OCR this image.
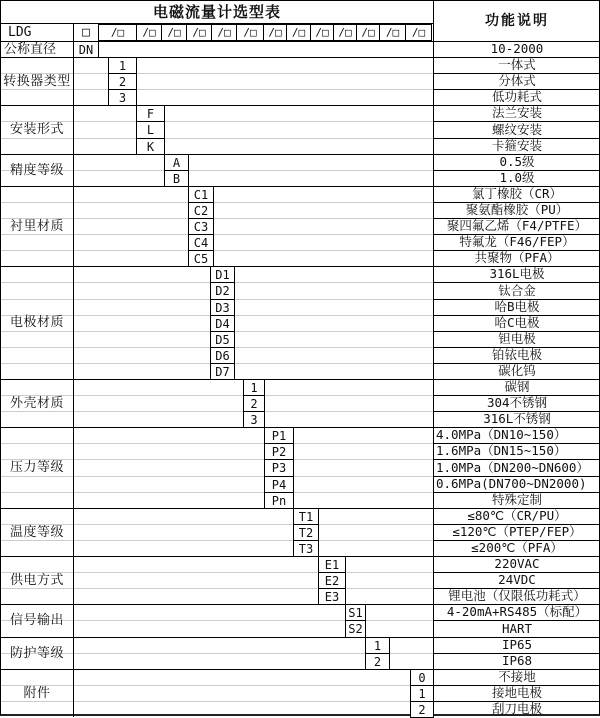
电磁流量计选型表
功能说明
LDG	□	/□	/□	/□	/□	/□	/□	/□ /□ /□ /□ /□	/□	/□
公称直径	DN	10-2000
转换器类型
1	一体式
2	分体式
3	低功耗式
安装形式
F	法兰安装
L	螺纹安装
K	卡箍安装
精度等级	A	0.5级
B	1.0级
衬里材质
C1	氯丁橡胶（CR）
C2	聚氨酯橡胶（PU）
C3	聚四氟乙烯（F4/PTFE）
C4	特氟龙（F46/FEP）
C5	共聚物（PFA）
电极材质
D1	316L电极
D2	钛合金
D3	哈B电极
D4	哈C电极
D5	钽电极
D6	铂铱电极
D7	碳化钨
外壳材质
1	碳钢
2	304不锈钢
3	316L不锈钢
压力等级
P1	4.0MPa（DN10~150）
P2	1.6MPa（DN15~150）
P3	1.0MPa（DN200~DN600）
P4	0.6MPa(DN700~DN2000)
Pn	特殊定制
温度等级
T1	≤80℃（CR/PU）
T2	≤120℃（PTEP/FEP）
T3	≤200℃（PFA）
供电方式
E1	220VAC
E2	24VDC
E3	锂电池（仅限低功耗式）
信号输出
S1	4-20mA+RS485（标配）
S2	HART
防护等级	1	IP65
2	IP68
附件
0	不接地
1	接地电极
2	刮刀电极
